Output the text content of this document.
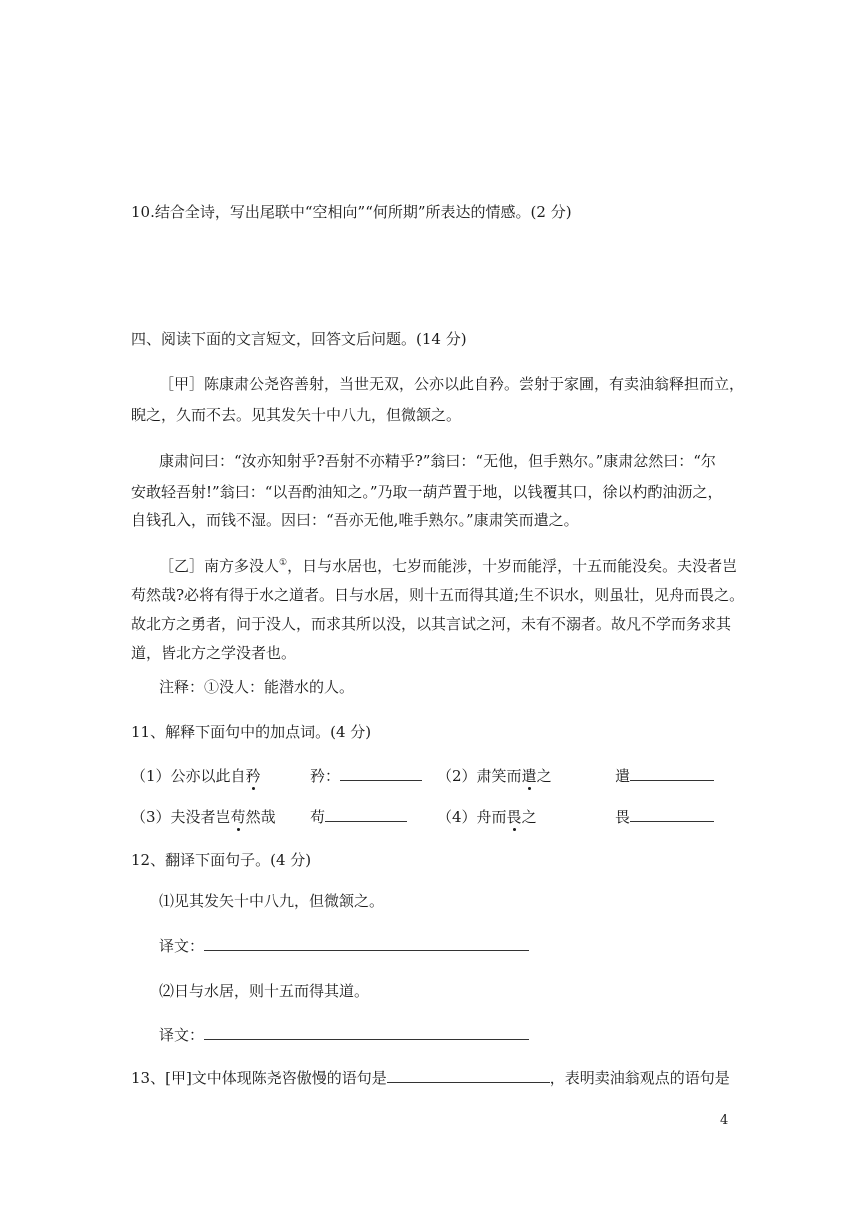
10.结合全诗，写出尾联中“空相向”“何所期”所表达的情感。(2 分)
四、阅读下面的文言短文，回答文后问题。(14 分)
［甲］陈康肃公尧咨善射，当世无双，公亦以此自矜。尝射于家圃，有卖油翁释担而立，
睨之，久而不去。见其发矢十中八九，但微颔之。
康肃问曰：“汝亦知射乎?吾射不亦精乎?”翁曰：“无他，但手熟尔。”康肃忿然曰：“尔
安敢轻吾射!”翁曰：“以吾酌油知之。”乃取一葫芦置于地，以钱覆其口，徐以杓酌油沥之，
自钱孔入，而钱不湿。因曰：“吾亦无他,唯手熟尔。”康肃笑而遣之。
［乙］南方多没人①，日与水居也，七岁而能涉，十岁而能浮，十五而能没矣。夫没者岂
苟然哉?必将有得于水之道者。日与水居，则十五而得其道;生不识水，则虽壮，见舟而畏之。
故北方之勇者，问于没人，而求其所以没，以其言试之河，未有不溺者。故凡不学而务求其
道，皆北方之学没者也。
注释：①没人：能潜水的人。
11、解释下面句中的加点词。(4 分)
（1）公亦以此自矜	矜：	（2）肃笑而遣之	遣
（3）夫没者岂苟然哉 苟	（4）舟而畏之	畏
12、翻译下面句子。(4 分)
⑴见其发矢十中八九，但微颔之。
译文：
⑵日与水居，则十五而得其道。
译文：
13、[甲]文中体现陈尧咨傲慢的语句是	，表明卖油翁观点的语句是
4
